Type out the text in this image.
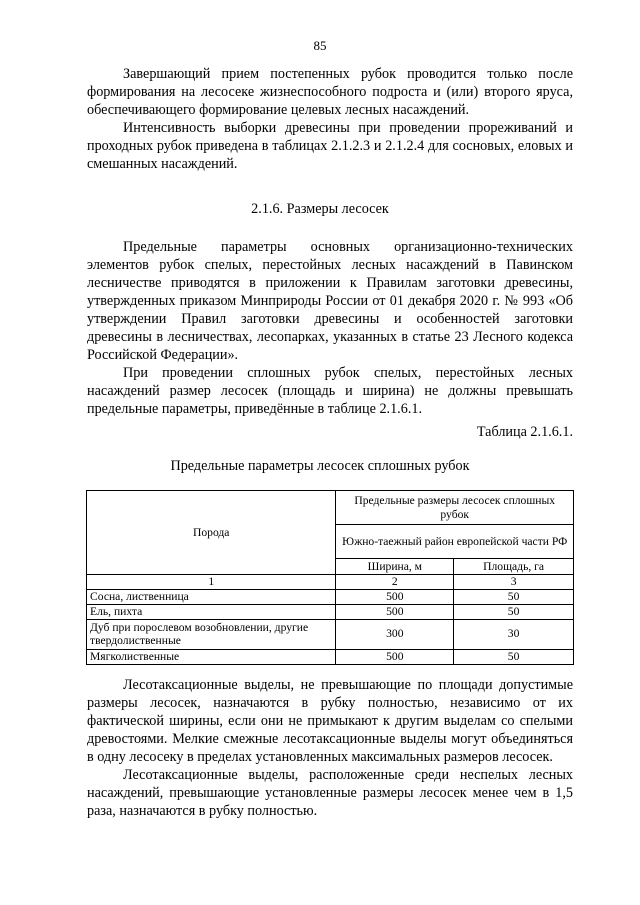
85

Завершающий прием постепенных рубок проводится только после формирования на лесосеке жизнеспособного подроста и (или) второго яруса, обеспечивающего формирование целевых лесных насаждений.

Интенсивность выборки древесины при проведении прореживаний и проходных рубок приведена в таблицах 2.1.2.3 и 2.1.2.4 для сосновых, еловых и смешанных насаждений.

2.1.6. Размеры лесосек

Предельные параметры основных организационно-технических элементов рубок спелых, перестойных лесных насаждений в Павинском лесничестве приводятся в приложении к Правилам заготовки древесины, утвержденных приказом Минприроды России от 01 декабря 2020 г. № 993 «Об утверждении Правил заготовки древесины и особенностей заготовки древесины в лесничествах, лесопарках, указанных в статье 23 Лесного кодекса Российской Федерации».

При проведении сплошных рубок спелых, перестойных лесных насаждений размер лесосек (площадь и ширина) не должны превышать предельные параметры, приведённые в таблице 2.1.6.1.

Таблица 2.1.6.1.
Предельные параметры лесосек сплошных рубок
Порода	Предельные размеры лесосек сплошных рубок	
	Южно-таежный район европейской части РФ	
	Ширина, м	Площадь, га
1	2	3
Сосна, лиственница	500	50
Ель, пихта	500	50
Дуб при порослевом возобновлении, другие твердолиственные	300	30
Мягколиственные	500	50

Лесотаксационные выделы, не превышающие по площади допустимые размеры лесосек, назначаются в рубку полностью, независимо от их фактической ширины, если они не примыкают к другим выделам со спелыми древостоями. Мелкие смежные лесотаксационные выделы могут объединяться в одну лесосеку в пределах установленных максимальных размеров лесосек.

Лесотаксационные выделы, расположенные среди неспелых лесных насаждений, превышающие установленные размеры лесосек менее чем в 1,5 раза, назначаются в рубку полностью.
